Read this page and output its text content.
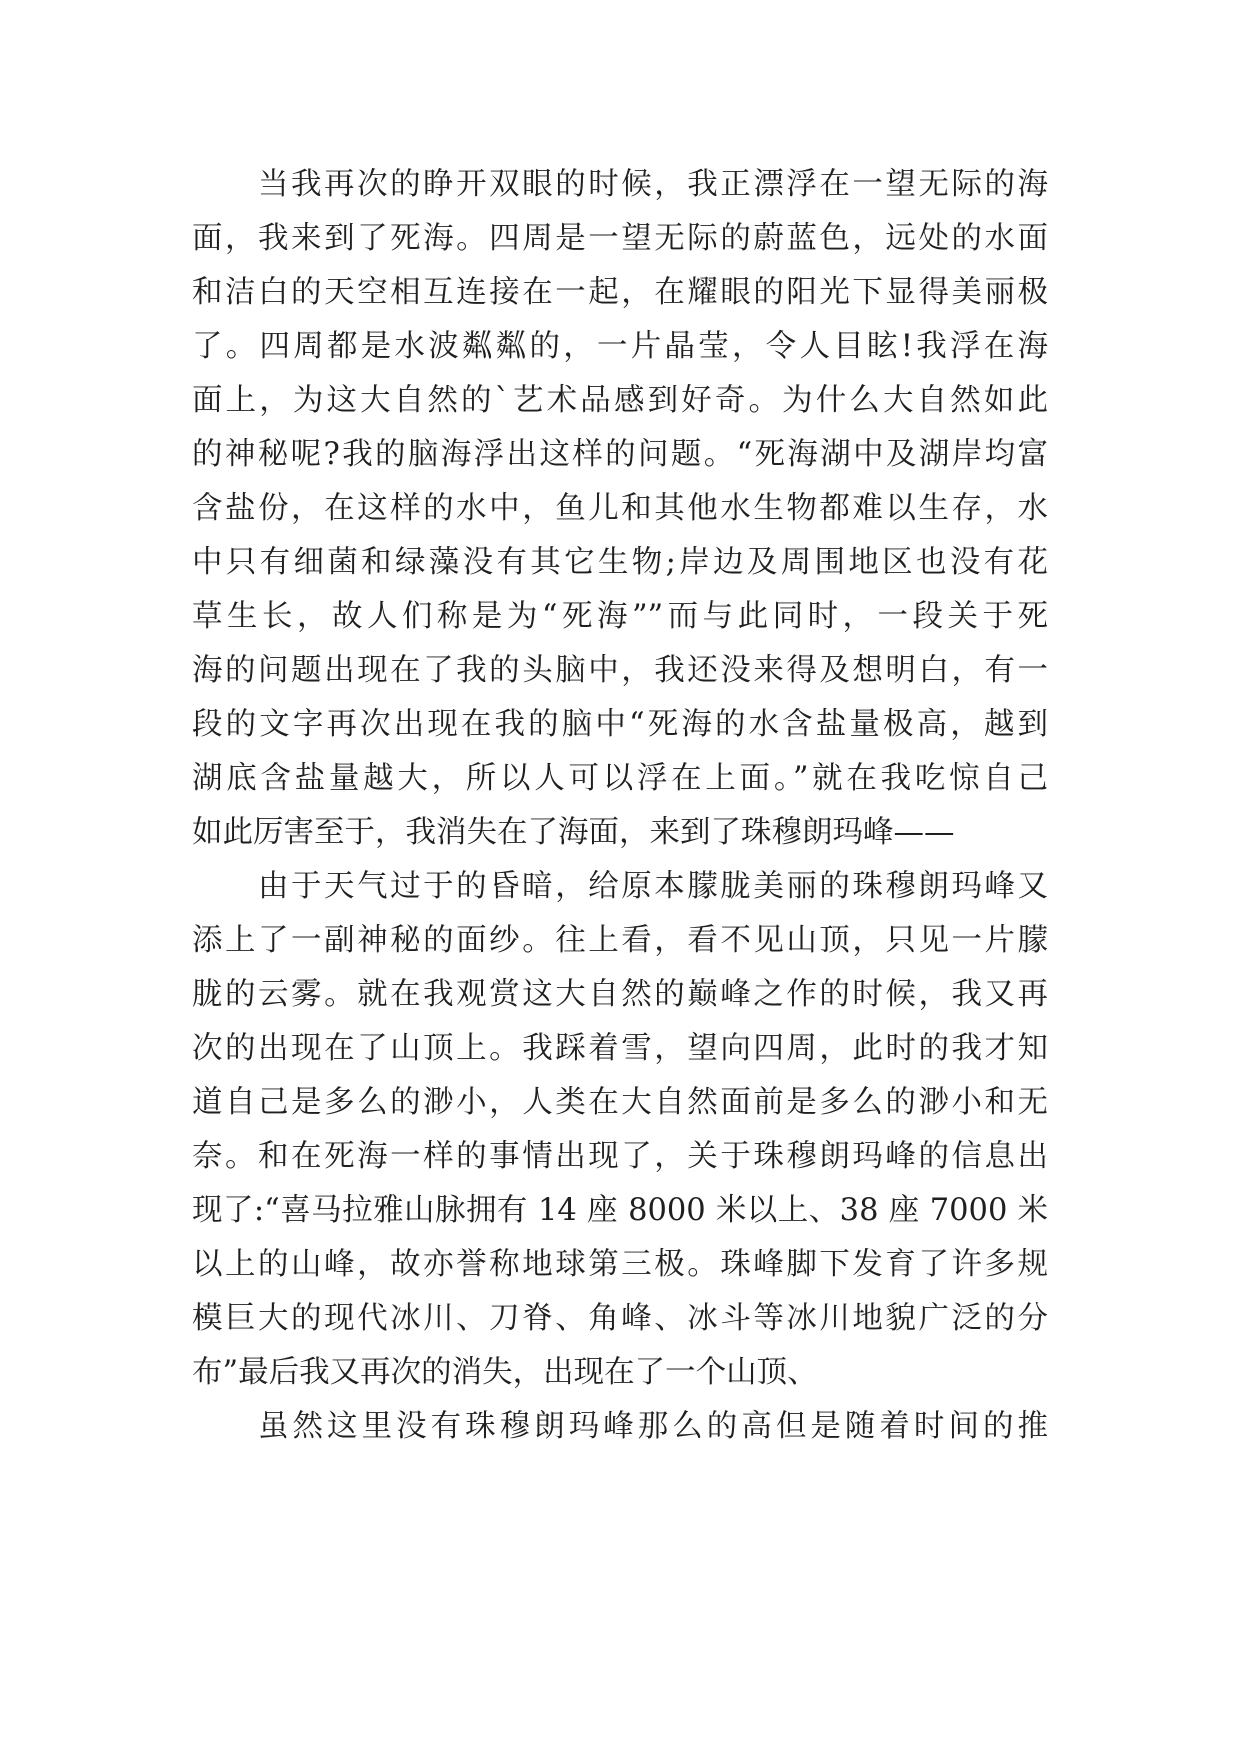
当我再次的睁开双眼的时候，我正漂浮在一望无际的海
面，我来到了死海。四周是一望无际的蔚蓝色，远处的水面
和洁白的天空相互连接在一起，在耀眼的阳光下显得美丽极
了。四周都是水波粼粼的，一片晶莹，令人目眩!我浮在海
面上，为这大自然的`艺术品感到好奇。为什么大自然如此
的神秘呢?我的脑海浮出这样的问题。“死海湖中及湖岸均富
含盐份，在这样的水中，鱼儿和其他水生物都难以生存，水
中只有细菌和绿藻没有其它生物;岸边及周围地区也没有花
草生长，故人们称是为“死海””而与此同时，一段关于死
海的问题出现在了我的头脑中，我还没来得及想明白，有一
段的文字再次出现在我的脑中“死海的水含盐量极高，越到
湖底含盐量越大，所以人可以浮在上面。”就在我吃惊自己
如此厉害至于，我消失在了海面，来到了珠穆朗玛峰——
由于天气过于的昏暗，给原本朦胧美丽的珠穆朗玛峰又
添上了一副神秘的面纱。往上看，看不见山顶，只见一片朦
胧的云雾。就在我观赏这大自然的巅峰之作的时候，我又再
次的出现在了山顶上。我踩着雪，望向四周，此时的我才知
道自己是多么的渺小，人类在大自然面前是多么的渺小和无
奈。和在死海一样的事情出现了，关于珠穆朗玛峰的信息出
现了:“喜马拉雅山脉拥有 14 座 8000 米以上、38 座 7000 米
以上的山峰，故亦誉称地球第三极。珠峰脚下发育了许多规
模巨大的现代冰川、刀脊、角峰、冰斗等冰川地貌广泛的分
布”最后我又再次的消失，出现在了一个山顶、
虽然这里没有珠穆朗玛峰那么的高但是随着时间的推
